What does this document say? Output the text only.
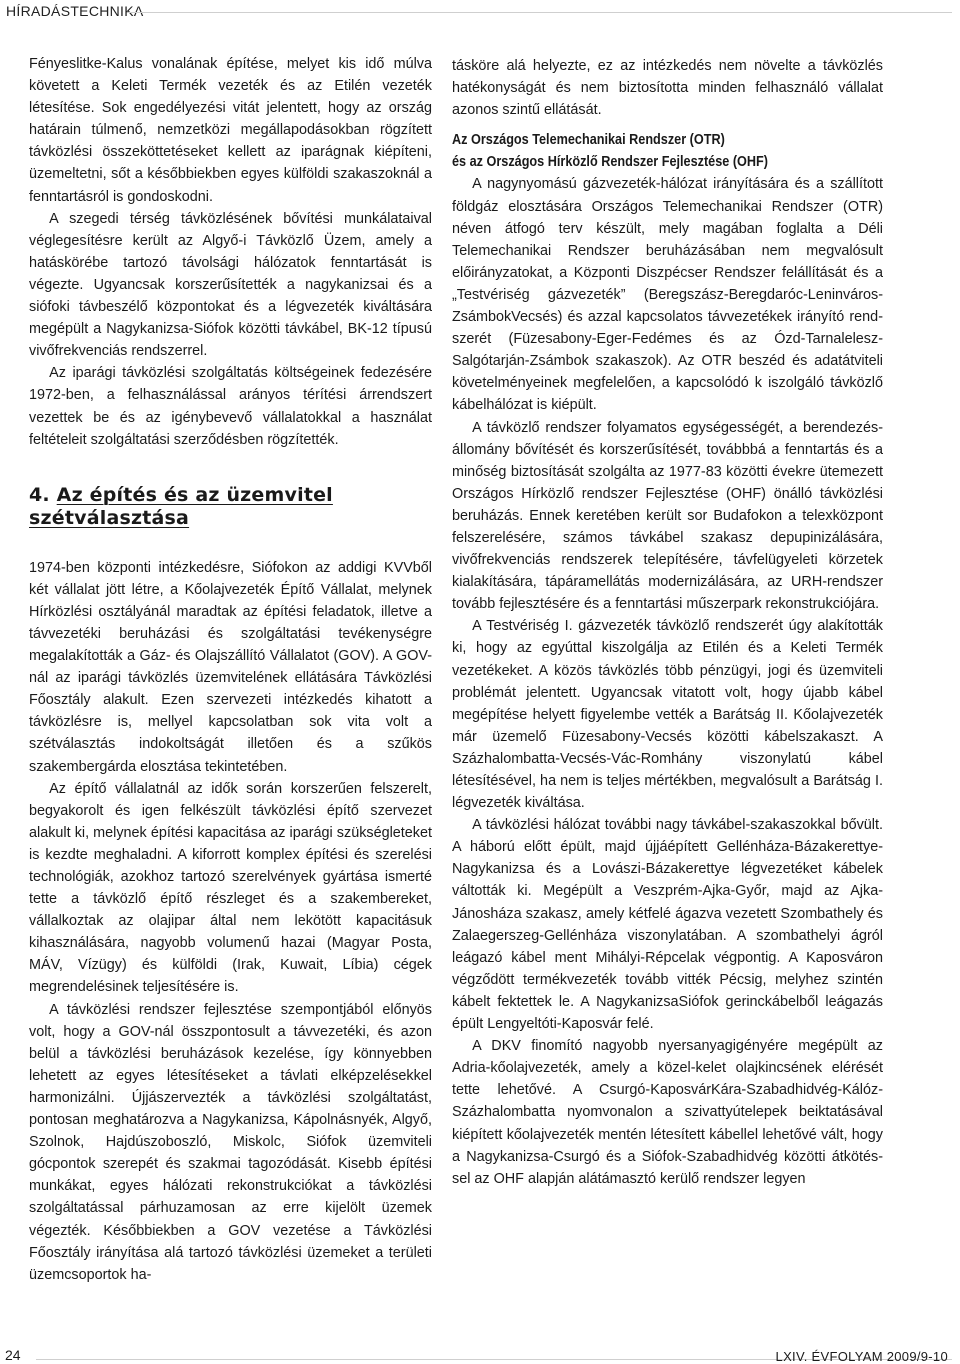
HÍRADÁSTECHNIKA

Fényeslitke-Kalus vonalának építése, melyet kis idő múlva követett a Keleti Termék vezeték és az Etilén vezeték létesítése. Sok engedélyezési vitát jelentett, hogy az ország határain túlmenő, nemzetközi megállapodásokban rögzített távközlési összeköttetéseket kellett az iparágnak kiépíteni, üzemeltetni, sőt a későbbiekben egyes külföldi szakaszoknál a fenntartásról is gondoskodni.

A szegedi térség távközlésének bővítési munkálataival véglegesítésre került az Algyő-i Távközlő Üzem, amely a hatáskörébe tartozó távolsági hálózatok fenntartását is végezte. Ugyancsak korszerűsítették a nagykanizsai és a siófoki távbeszélő központokat és a légvezeték kiváltására megépült a Nagykanizsa-Siófok közötti távkábel, BK-12 típusú vivőfrekvenciás rendszerrel.

Az iparági távközlési szolgáltatás költségeinek fedezésére 1972-ben, a felhasználással arányos térítési árrendszert vezettek be és az igénybevevő vállalatokkal a használat feltételeit szolgáltatási szerződésben rögzítették.

4. Az építés és az üzemvitel
szétválasztása

1974-ben központi intézkedésre, Siófokon az addigi KVVből két vállalat jött létre, a Kőolajvezeték Építő Vállalat, melynek Hírközlési osztályánál maradtak az építési feladatok, illetve a távvezetéki beruházási és szolgáltatási tevékenységre megalakították a Gáz- és Olajszállító Vállalatot (GOV). A GOV-nál az iparági távközlés üzemvitelének ellátására Távközlési Főosztály alakult. Ezen szervezeti intézkedés kihatott a távközlésre is, mellyel kapcsolatban sok vita volt a szétválasztás indokoltságát illetően és a szűkös szakembergárda elosztása tekintetében.

Az építő vállalatnál az idők során korszerűen felszerelt, begyakorolt és igen felkészült távközlési építő szervezet alakult ki, melynek építési kapacitása az iparági szükségleteket is kezdte meghaladni. A kiforrott komplex építési és szerelési technológiák, azokhoz tartozó szerelvények gyártása ismerté tette a távközlő építő részleget és a szakembereket, vállalkoztak az olajipar által nem lekötött kapacitásuk kihasználására, nagyobb volumenű hazai (Magyar Posta, MÁV, Vízügy) és külföldi (Irak, Kuwait, Líbia) cégek megrendelésinek teljesítésére is.

A távközlési rendszer fejlesztése szempontjából előnyös volt, hogy a GOV-nál összpontosult a távvezetéki, és azon belül a távközlési beruházások kezelése, így könnyebben lehetett az egyes létesítéseket a távlati elképzelésekkel harmonizálni. Újjászervezték a távközlési szolgáltatást, pontosan meghatározva a Nagykanizsa, Kápolnásnyék, Algyő, Szolnok, Hajdúszoboszló, Miskolc, Siófok üzemviteli gócpontok szerepét és szakmai tagozódását. Kisebb építési munkákat, egyes hálózati rekonstrukciókat a távközlési szolgáltatással párhuzamosan az erre kijelölt üzemek végezték. Későbbiekben a GOV vezetése a Távközlési Főosztály irányítása alá tartozó távközlési üzemeket a területi üzemcsoportok ha-

tásköre alá helyezte, ez az intézkedés nem növelte a távközlés hatékonyságát és nem biztosította minden felhasználó vállalat azonos szintű ellátását.

Az Országos Telemechanikai Rendszer (OTR)
és az Országos Hírközlő Rendszer Fejlesztése (OHF)

A nagynyomású gázvezeték-hálózat irányítására és a szállított földgáz elosztására Országos Telemechanikai Rendszer (OTR) néven átfogó terv készült, mely magában foglalta a Déli Telemechanikai Rendszer beruházásában nem megvalósult előirányzatokat, a Központi Diszpécser Rendszer felállítását és a „Testvériség gázvezeték” (Beregszász-Beregdaróc-Leninváros-ZsámbokVecsés) és azzal kapcsolatos távvezetékek irányító rendszerét (Füzesabony-Eger-Fedémes és az Ózd-TarnaleleszSalgótarján-Zsámbok szakaszok). Az OTR beszéd és adatátviteli követelményeinek megfelelően, a kapcsolódó k iszolgáló távközlő kábelhálózat is kiépült.

A távközlő rendszer folyamatos egységességét, a berendezés-állomány bővítését és korszerűsítését, továbbbá a fenntartás és a minőség biztosítását szolgálta az 1977-83 közötti évekre ütemezett Országos Hírközlő rendszer Fejlesztése (OHF) önálló távközlési beruházás. Ennek keretében került sor Budafokon a telexközpont felszerelésére, számos távkábel szakasz depupinizálására, vivőfrekvenciás rendszerek telepítésére, távfelügyeleti körzetek kialakítására, tápáramellátás modernizálására, az URH-rendszer tovább fejlesztésére és a fenntartási műszerpark rekonstrukciójára.

A Testvériség I. gázvezeték távközlő rendszerét úgy alakították ki, hogy az egyúttal kiszolgálja az Etilén és a Keleti Termék vezetékeket. A közös távközlés több pénzügyi, jogi és üzemviteli problémát jelentett. Ugyancsak vitatott volt, hogy újabb kábel megépítése helyett figyelembe vették a Barátság II. Kőolajvezeték már üzemelő Füzesabony-Vecsés közötti kábelszakaszt. A Százhalombatta-Vecsés-Vác-Romhány viszonylatú kábel létesítésével, ha nem is teljes mértékben, megvalósult a Barátság I. légvezeték kiváltása.

A távközlési hálózat további nagy távkábel-szakaszokkal bővült. A háború előtt épült, majd újjáépített Gellénháza-Bázakerettye-Nagykanizsa és a Lovászi-Bázakerettye légvezetéket kábelek váltották ki. Megépült a Veszprém-Ajka-Győr, majd az Ajka-Jánosháza szakasz, amely kétfelé ágazva vezetett Szombathely és Zalaegerszeg-Gellénháza viszonylatában. A szombathelyi ágról leágazó kábel ment Mihályi-Répcelak végpontig. A Kaposváron végződött termékvezeték tovább vitték Pécsig, melyhez szintén kábelt fektettek le. A NagykanizsaSiófok gerinckábelből leágazás épült Lengyeltóti-Kaposvár felé.

A DKV finomító nagyobb nyersanyagigényére megépült az Adria-kőolajvezeték, amely a közel-kelet olajkincsének elérését tette lehetővé. A Csurgó-KaposvárKára-Szabadhidvég-Kálóz-Százhalombatta nyomvonalon a szivattyútelepek beiktatásával kiépített kőolajvezeték mentén létesített kábellel lehetővé vált, hogy a Nagykanizsa-Csurgó és a Siófok-Szabadhidvég közötti átkötéssel az OHF alapján alátámasztó kerülő rendszer legyen

24	LXIV. ÉVFOLYAM 2009/9-10
